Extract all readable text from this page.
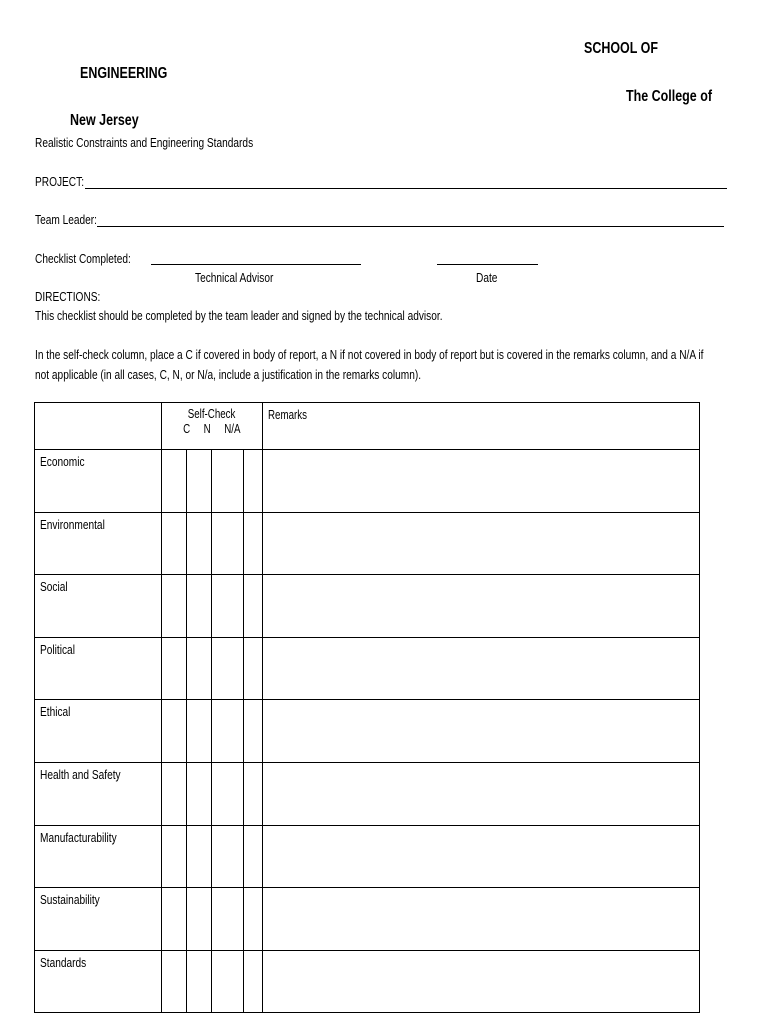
SCHOOL OF
ENGINEERING
The College of
New Jersey
Realistic Constraints and Engineering Standards
PROJECT:
Team Leader:
Checklist Completed:
Technical Advisor	Date
DIRECTIONS:
This checklist should be completed by the team leader and signed by the technical advisor.
In the self-check column, place a C if covered in body of report, a N if not covered in body of report but is covered in the remarks column, and a N/A if
not applicable (in all cases, C, N, or N/a, include a justification in the remarks column).

	Self-Check
C     N     N/A				Remarks
Economic					
Environmental					
Social					
Political					
Ethical					
Health and Safety					
Manufacturability					
Sustainability					
Standards					
